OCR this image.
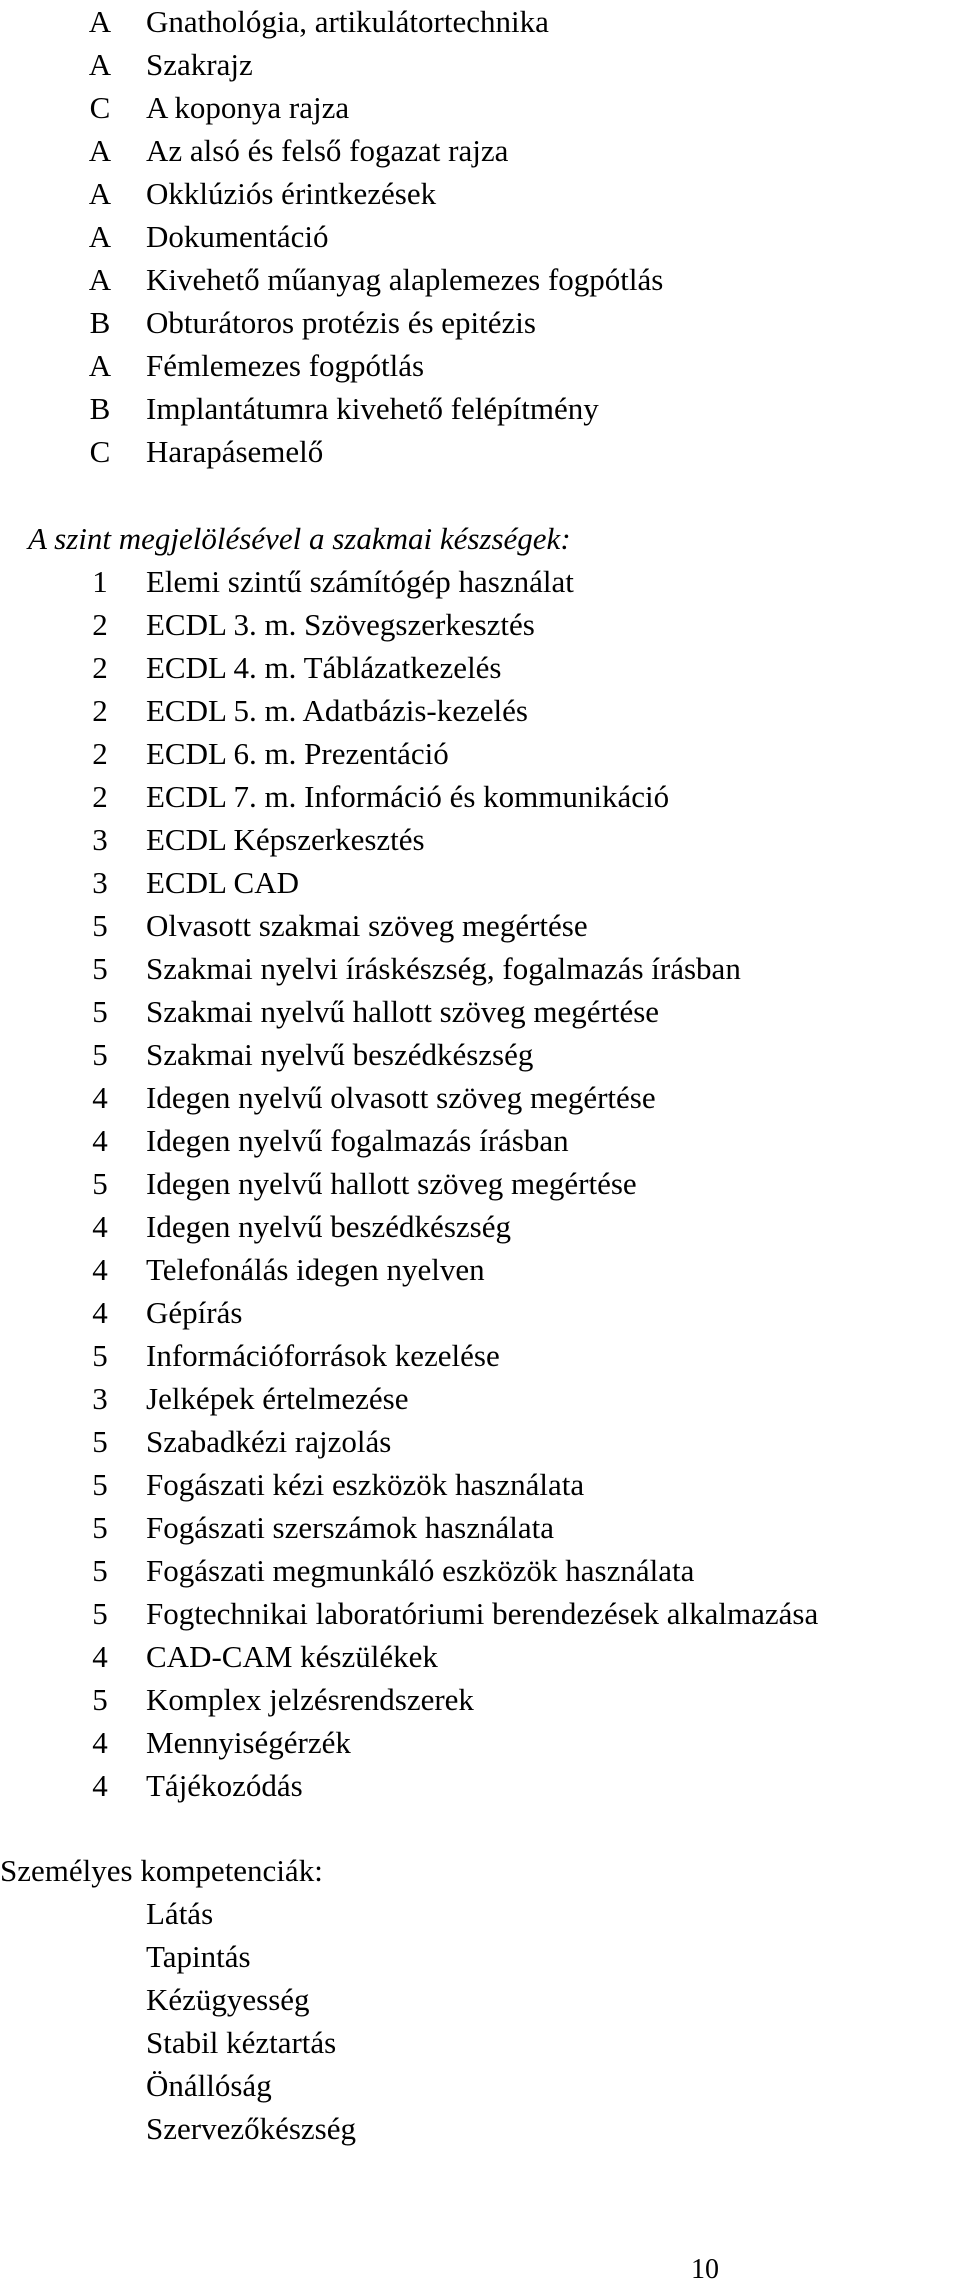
A Gnathológia, artikulátortechnika
A Szakrajz
C	A koponya rajza
A Az alsó és felső fogazat rajza
A Okklúziós érintkezések
A Dokumentáció
A Kivehető műanyag alaplemezes fogpótlás
B	Obturátoros protézis és epitézis
A Fémlemezes fogpótlás
B	Implantátumra kivehető felépítmény
C	Harapásemelő
A szint megjelölésével a szakmai készségek:
1	Elemi szintű számítógép használat
2	ECDL 3. m. Szövegszerkesztés
2	ECDL 4. m. Táblázatkezelés
2	ECDL 5. m. Adatbázis-kezelés
2	ECDL 6. m. Prezentáció
2	ECDL 7. m. Információ és kommunikáció
3	ECDL Képszerkesztés
3	ECDL CAD
5	Olvasott szakmai szöveg megértése
5	Szakmai nyelvi íráskészség, fogalmazás írásban
5	Szakmai nyelvű hallott szöveg megértése
5	Szakmai nyelvű beszédkészség
4	Idegen nyelvű olvasott szöveg megértése
4	Idegen nyelvű fogalmazás írásban
5	Idegen nyelvű hallott szöveg megértése
4	Idegen nyelvű beszédkészség
4	Telefonálás idegen nyelven
4	Gépírás
5	Információforrások kezelése
3	Jelképek értelmezése
5	Szabadkézi rajzolás
5	Fogászati kézi eszközök használata
5	Fogászati szerszámok használata
5	Fogászati megmunkáló eszközök használata
5	Fogtechnikai laboratóriumi berendezések alkalmazása
4	CAD-CAM készülékek
5	Komplex jelzésrendszerek
4	Mennyiségérzék
4	Tájékozódás
Személyes kompetenciák:
Látás
Tapintás
Kézügyesség
Stabil kéztartás
Önállóság
Szervezőkészség
10
